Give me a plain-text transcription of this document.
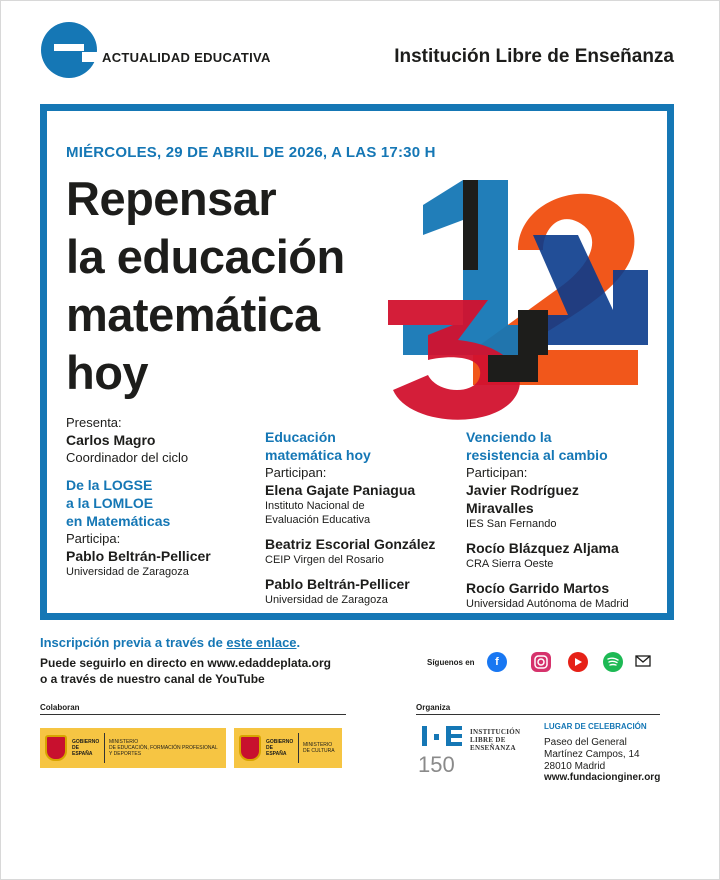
ACTUALIDAD EDUCATIVA	Institución Libre de Enseñanza
MIÉRCOLES, 29 DE ABRIL DE 2026, A LAS 17:30 H
Repensar
la educación
matemática
hoy
Presenta:
Carlos Magro
Coordinador del ciclo
De la LOGSE
a la LOMLOE
en Matemáticas
Participa:
Pablo Beltrán-Pellicer
Universidad de Zaragoza
Educación
matemática hoy
Participan:
Elena Gajate Paniagua
Instituto Nacional de
Evaluación Educativa
Beatriz Escorial González
CEIP Virgen del Rosario
Pablo Beltrán-Pellicer
Universidad de Zaragoza
Venciendo la
resistencia al cambio
Participan:
Javier Rodríguez
Miravalles
IES San Fernando
Rocío Blázquez Aljama
CRA Sierra Oeste
Rocío Garrido Martos
Universidad Autónoma de Madrid
Inscripción previa a través de este enlace.
Puede seguirlo en directo en www.edaddeplata.org
o a través de nuestro canal de YouTube
Síguenos en	f
Colaboran	Organiza
GOBIERNO
DE ESPAÑA
MINISTERIO
DE EDUCACIÓN, FORMACIÓN PROFESIONAL
Y DEPORTES
GOBIERNO
DE ESPAÑA
MINISTERIO
DE CULTURA
150
INSTITUCIÓN
LIBRE DE
ENSEÑANZA
LUGAR DE CELEBRACIÓN
Paseo del General
Martínez Campos, 14
28010 Madrid
www.fundacionginer.org
